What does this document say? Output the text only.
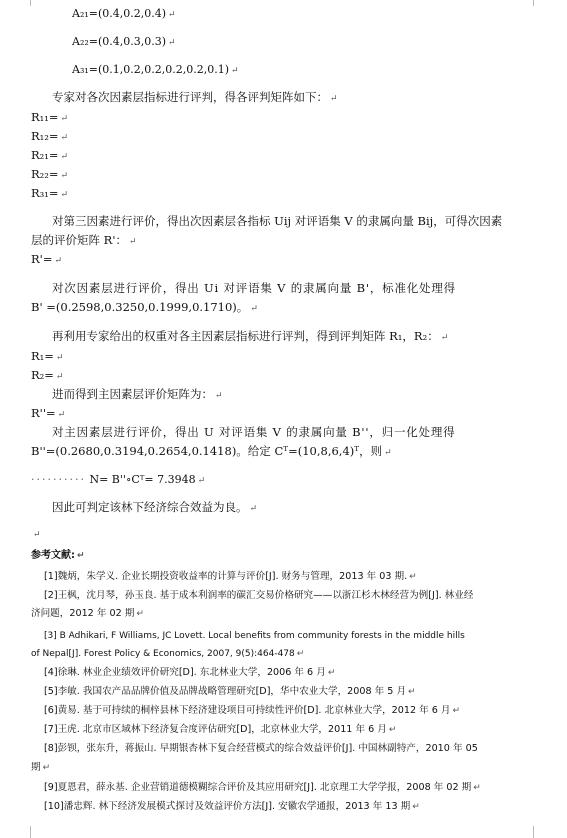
A₂₁=(0.4,0.2,0.4) ↵
A₂₂=(0.4,0.3,0.3) ↵
A₃₁=(0.1,0.2,0.2,0.2,0.2,0.1) ↵
专家对各次因素层指标进行评判，得各评判矩阵如下： ↵
R₁₁= ↵
R₁₂= ↵
R₂₁= ↵
R₂₂= ↵
R₃₁= ↵
对第三因素进行评价，得出次因素层各指标 Uij 对评语集 V 的隶属向量 Bij，可得次因素
层的评价矩阵 R'： ↵
R'= ↵
对次因素层进行评价，得出 Ui 对评语集 V 的隶属向量 B'，标准化处理得
B' =(0.2598,0.3250,0.1999,0.1710)。 ↵
再利用专家给出的权重对各主因素层指标进行评判，得到评判矩阵 R₁，R₂： ↵
R₁= ↵
R₂= ↵
进而得到主因素层评价矩阵为： ↵
R''= ↵
对主因素层进行评价，得出 U 对评语集 V 的隶属向量 B''，归一化处理得
B''=(0.2680,0.3194,0.2654,0.1418)。给定 Cᵀ=(10,8,6,4)ᵀ，则 ↵
·········· N= B''∘Cᵀ= 7.3948 ↵
因此可判定该林下经济综合效益为良。 ↵
↵
参考文献: ↵
[1]魏炳，朱学义. 企业长期投资收益率的计算与评价[J]. 财务与管理，2013 年 03 期. ↵
[2]王枫，沈月琴，孙玉良. 基于成本利润率的碳汇交易价格研究——以浙江杉木林经营为例[J]. 林业经
济问题，2012 年 02 期 ↵
[3] B Adhikari, F Williams, JC Lovett. Local benefits from community forests in the middle hills
of Nepal[J]. Forest Policy & Economics, 2007, 9(5):464-478 ↵
[4]徐琳. 林业企业绩效评价研究[D]. 东北林业大学，2006 年 6 月 ↵
[5]李敏. 我国农产品品牌价值及品牌战略管理研究[D]，华中农业大学，2008 年 5 月 ↵
[6]黄易. 基于可持续的桐梓县林下经济建设项目可持续性评价[D]. 北京林业大学，2012 年 6 月 ↵
[7]王虎. 北京市区域林下经济复合度评估研究[D]，北京林业大学，2011 年 6 月 ↵
[8]彭钡，张东升，蒋振山. 早期银杏林下复合经营模式的综合效益评价[J]. 中国林副特产，2010 年 05
期 ↵
[9]夏恩君，薛永基. 企业营销道德模糊综合评价及其应用研究[J]. 北京理工大学学报，2008 年 02 期 ↵
[10]潘忠辉. 林下经济发展模式探讨及效益评价方法[J]. 安徽农学通报，2013 年 13 期 ↵
